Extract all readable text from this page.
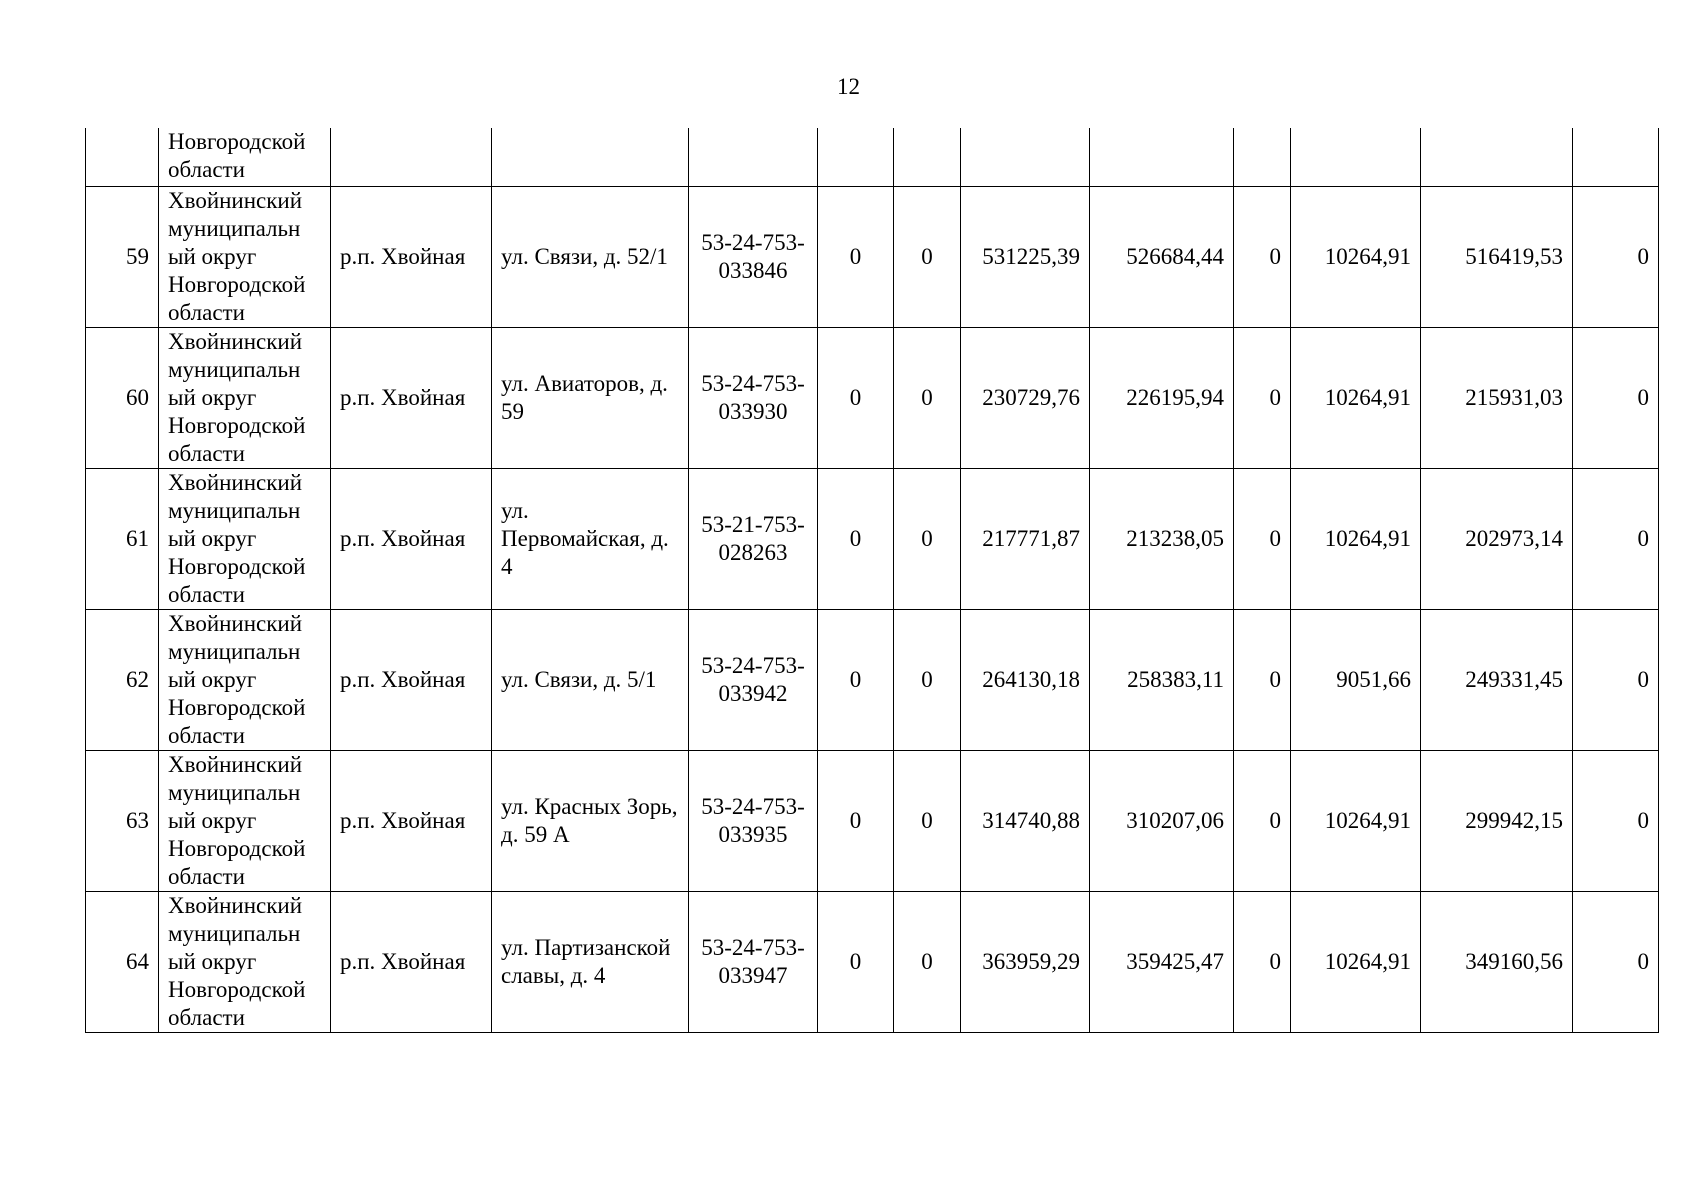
12

	Новгородской
области											

59	Хвойнинский
муниципальн
ый округ
Новгородской
области	р.п. Хвойная	ул. Связи, д. 52/1	53-24-753-033846	0	0	531225,39	526684,44	0	10264,91	516419,53	0
60	Хвойнинский
муниципальн
ый округ
Новгородской
области	р.п. Хвойная	ул. Авиаторов, д. 59	53-24-753-033930	0	0	230729,76	226195,94	0	10264,91	215931,03	0
61	Хвойнинский
муниципальн
ый округ
Новгородской
области	р.п. Хвойная	ул. Первомайская, д. 4	53-21-753-028263	0	0	217771,87	213238,05	0	10264,91	202973,14	0
62	Хвойнинский
муниципальн
ый округ
Новгородской
области	р.п. Хвойная	ул. Связи, д. 5/1	53-24-753-033942	0	0	264130,18	258383,11	0	9051,66	249331,45	0
63	Хвойнинский
муниципальн
ый округ
Новгородской
области	р.п. Хвойная	ул. Красных Зорь, д. 59 А	53-24-753-033935	0	0	314740,88	310207,06	0	10264,91	299942,15	0
64	Хвойнинский
муниципальн
ый округ
Новгородской
области	р.п. Хвойная	ул. Партизанской славы, д. 4	53-24-753-033947	0	0	363959,29	359425,47	0	10264,91	349160,56	0
